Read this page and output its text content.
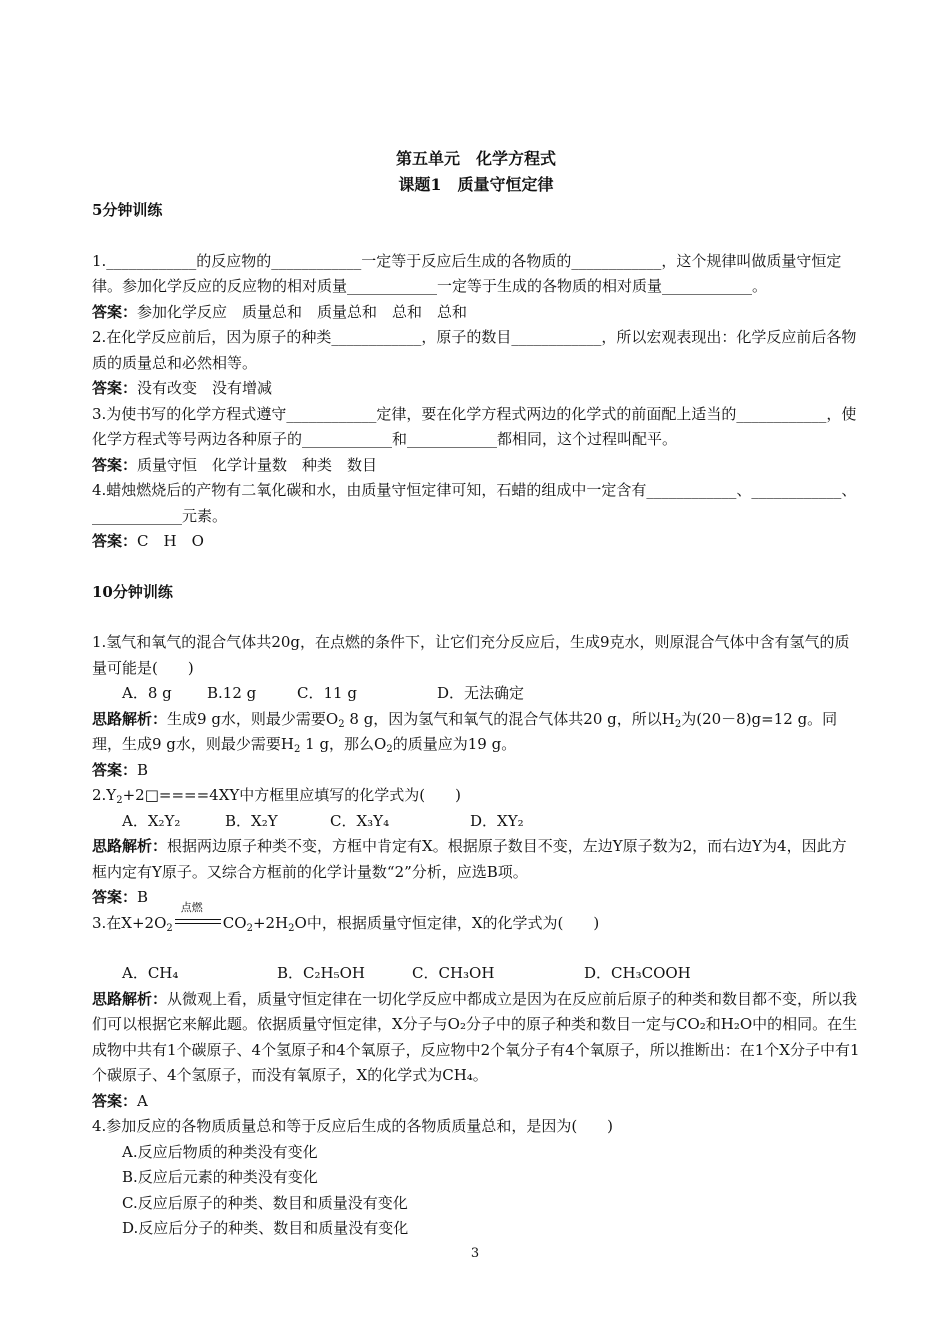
第五单元　化学方程式

课题1　质量守恒定律

5分钟训练

1.____________的反应物的____________一定等于反应后生成的各物质的____________，这个规律叫做质量守恒定律。参加化学反应的反应物的相对质量____________一定等于生成的各物质的相对质量____________。

答案：参加化学反应　质量总和　质量总和　总和　总和

2.在化学反应前后，因为原子的种类____________，原子的数目____________，所以宏观表现出：化学反应前后各物质的质量总和必然相等。

答案：没有改变　没有增减

3.为使书写的化学方程式遵守____________定律，要在化学方程式两边的化学式的前面配上适当的____________，使化学方程式等号两边各种原子的____________和____________都相同，这个过程叫配平。

答案：质量守恒　化学计量数　种类　数目

4.蜡烛燃烧后的产物有二氧化碳和水，由质量守恒定律可知，石蜡的组成中一定含有____________、____________、____________元素。

答案：C　H　O

10分钟训练

1.氢气和氧气的混合气体共20g，在点燃的条件下，让它们充分反应后，生成9克水，则原混合气体中含有氢气的质量可能是(　　)

A．8 g B.12 g	C．11 g	D．无法确定

思路解析：生成9 g水，则最少需要$O_2$ 8 g，因为氢气和氧气的混合气体共20 g，所以$H_2$为(20－8)g=12 g。同理，生成9 g水，则最少需要$H_2$ 1 g，那么$O_2$的质量应为19 g。

答案：B

$2.Y_2+2□====4XY$中方框里应填写的化学式为(　　)

A．X₂Y₂	B．X₂Y	C．X₃Y₄	D．XY₂

思路解析：根据两边原子种类不变，方框中肯定有X。根据原子数目不变，左边Y原子数为2，而右边Y为4，因此方框内定有Y原子。又综合方框前的化学计量数“2”分析，应选B项。

答案：B

3.在$X+2O_2$
点燃
$CO_2+2H_2O$中，根据质量守恒定律，X的化学式为(　　)

A．CH₄	B．C₂H₅OH	C．CH₃OH	D．CH₃COOH

思路解析：从微观上看，质量守恒定律在一切化学反应中都成立是因为在反应前后原子的种类和数目都不变，所以我们可以根据它来解此题。依据质量守恒定律，X分子与O₂分子中的原子种类和数目一定与CO₂和H₂O中的相同。在生成物中共有1个碳原子、4个氢原子和4个氧原子，反应物中2个氧分子有4个氧原子，所以推断出：在1个X分子中有1个碳原子、4个氢原子，而没有氧原子，X的化学式为CH₄。

答案：A

4.参加反应的各物质质量总和等于反应后生成的各物质质量总和，是因为(　　)

A.反应后物质的种类没有变化

B.反应后元素的种类没有变化

C.反应后原子的种类、数目和质量没有变化

D.反应后分子的种类、数目和质量没有变化

3
